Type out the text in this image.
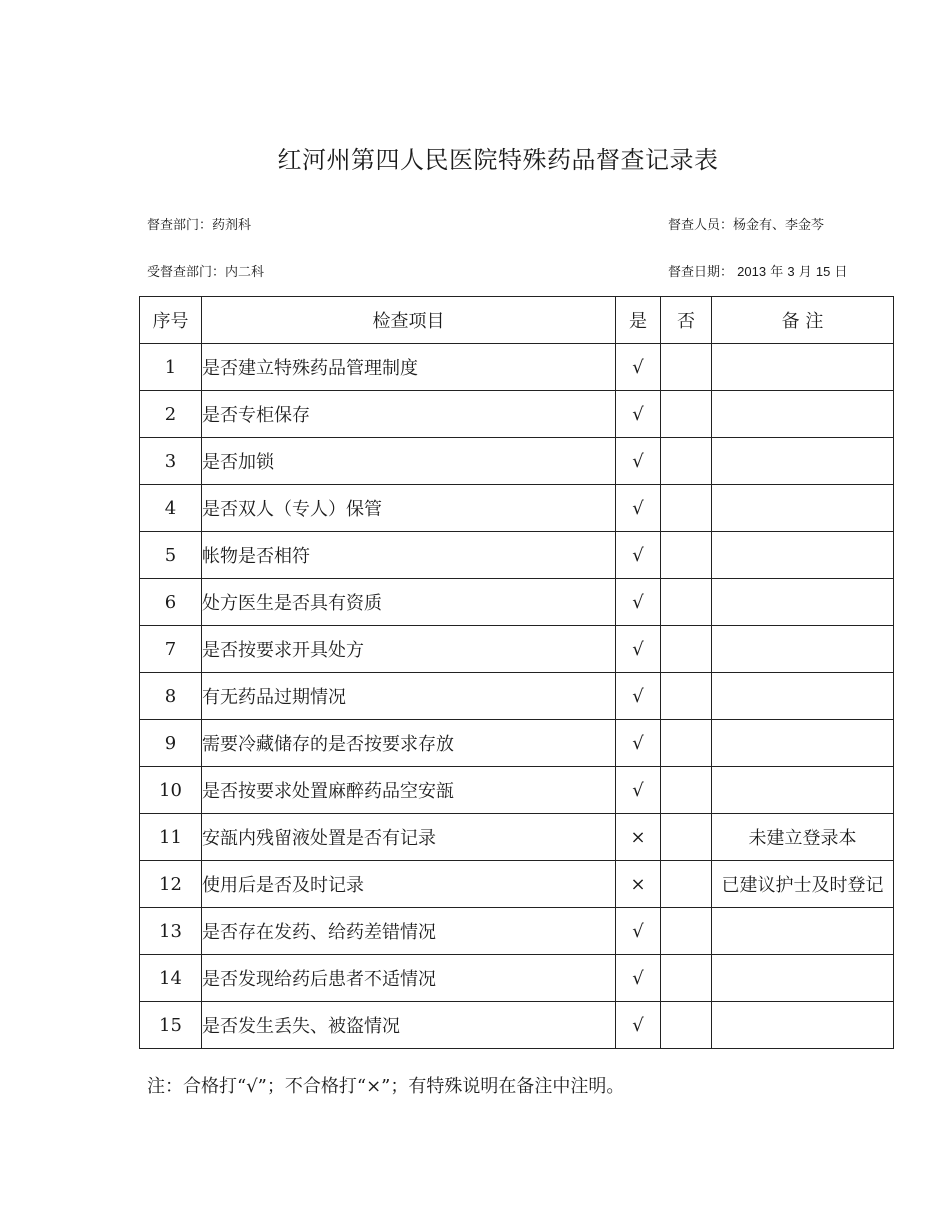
红河州第四人民医院特殊药品督查记录表
督查部门：药剂科	督查人员：杨金有、李金芩
受督查部门：内二科	督查日期： 2013 年 3 月 15 日
序号	检查项目	是	否	备 注
1	是否建立特殊药品管理制度	√		
2	是否专柜保存	√		
3	是否加锁	√		
4	是否双人（专人）保管	√		
5	帐物是否相符	√		
6	处方医生是否具有资质	√		
7	是否按要求开具处方	√		
8	有无药品过期情况	√		
9	需要冷藏储存的是否按要求存放	√		
10	是否按要求处置麻醉药品空安瓿	√		
11	安瓿内残留液处置是否有记录	×		未建立登录本
12	使用后是否及时记录	×		已建议护士及时登记
13	是否存在发药、给药差错情况	√		
14	是否发现给药后患者不适情况	√		
15	是否发生丢失、被盗情况	√		
注：合格打“√”；不合格打“×”；有特殊说明在备注中注明。
